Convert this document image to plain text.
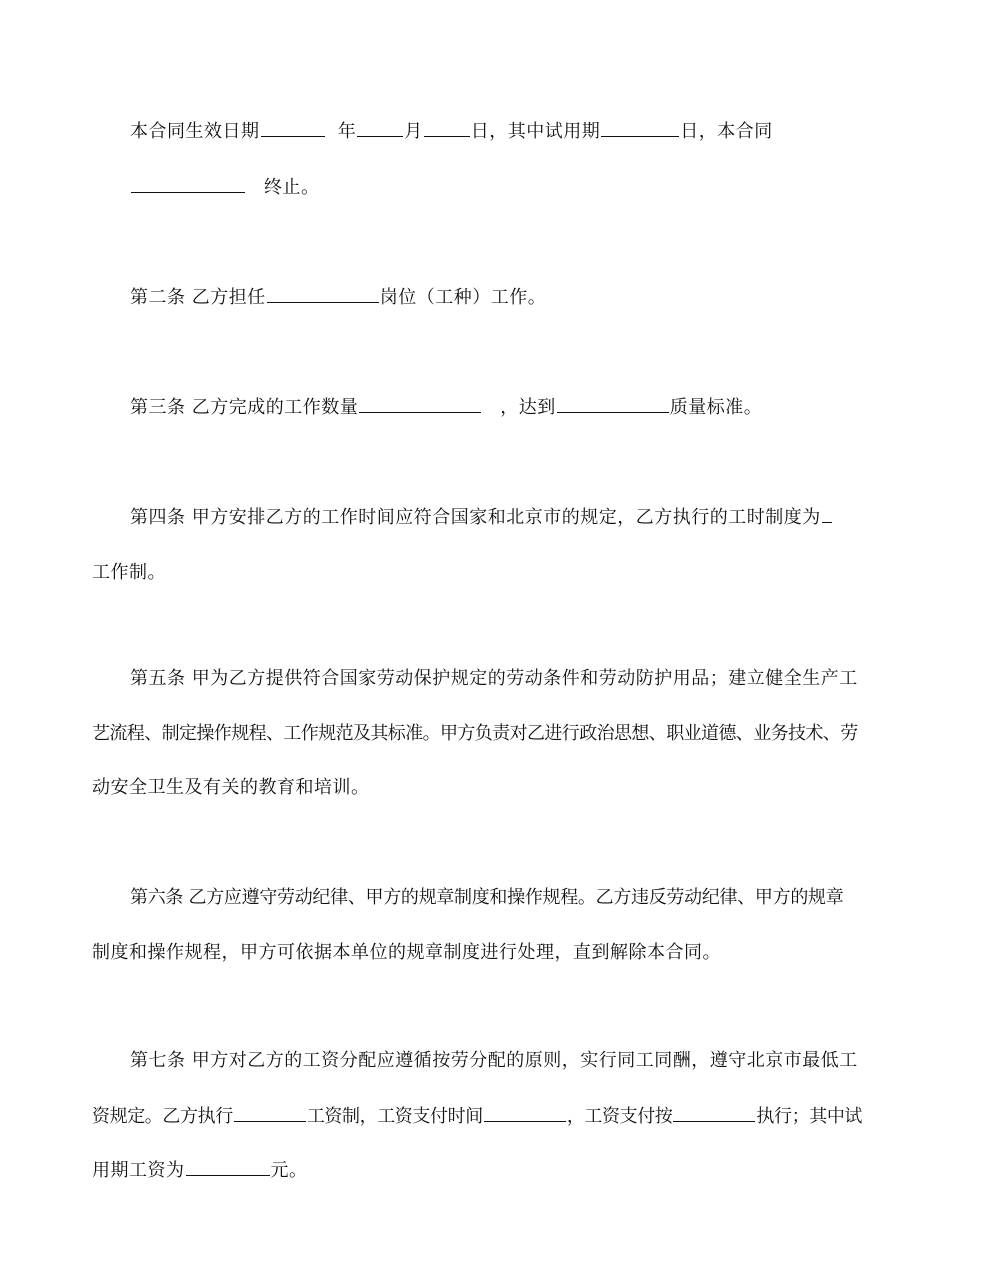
本合同生效日期	年	月	日，其中试用期	日，本合同
终止。
第二条 乙方担任	岗位（工种）工作。
第三条 乙方完成的工作数量	，达到	质量标准。
第四条 甲方安排乙方的工作时间应符合国家和北京市的规定，乙方执行的工时制度为
工作制。
第五条 甲为乙方提供符合国家劳动保护规定的劳动条件和劳动防护用品；建立健全生产工
艺流程、制定操作规程、工作规范及其标准。甲方负责对乙进行政治思想、职业道德、业务技术、劳
动安全卫生及有关的教育和培训。
第六条 乙方应遵守劳动纪律、甲方的规章制度和操作规程。乙方违反劳动纪律、甲方的规章
制度和操作规程，甲方可依据本单位的规章制度进行处理，直到解除本合同。
第七条 甲方对乙方的工资分配应遵循按劳分配的原则，实行同工同酬，遵守北京市最低工
资规定。乙方执行	工资制，工资支付时间	，工资支付按	执行；其中试
用期工资为	元。
